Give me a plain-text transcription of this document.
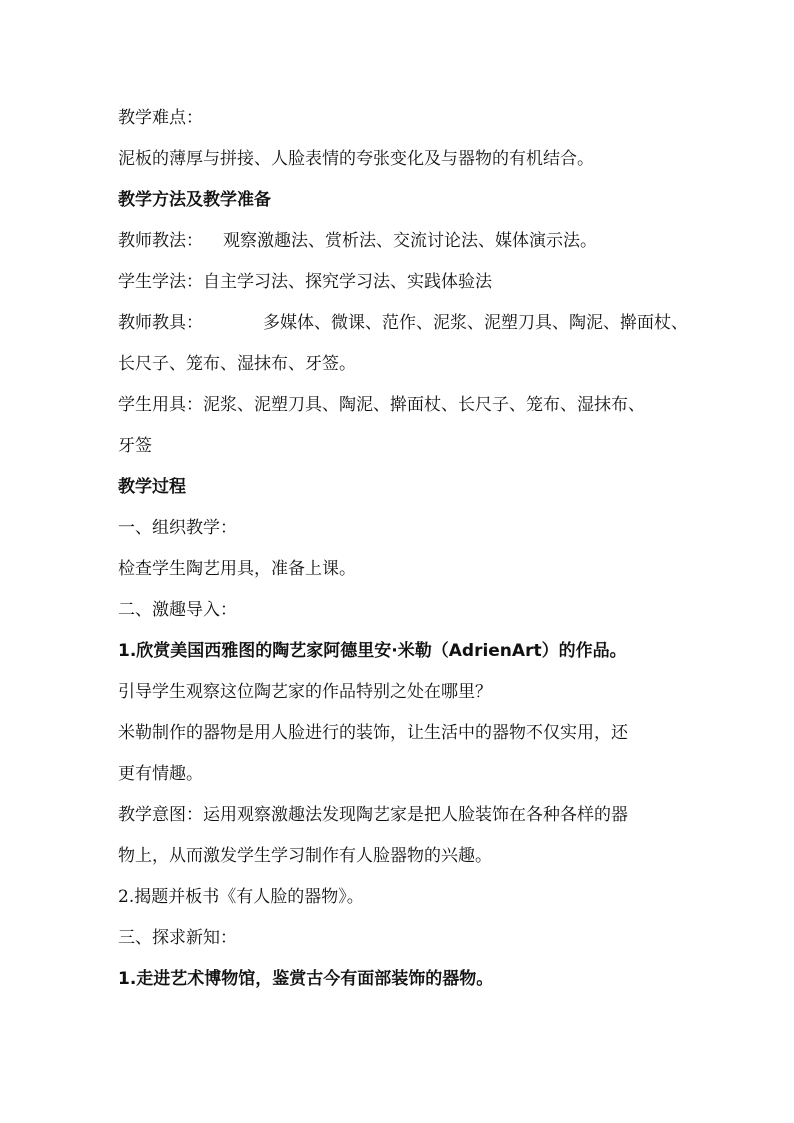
教学难点：
泥板的薄厚与拼接、人脸表情的夸张变化及与器物的有机结合。
教学方法及教学准备
教师教法： 观察激趣法、赏析法、交流讨论法、媒体演示法。
学生学法：自主学习法、探究学习法、实践体验法
教师教具：	多媒体、微课、范作、泥浆、泥塑刀具、陶泥、擀面杖、
长尺子、笼布、湿抹布、牙签。
学生用具：泥浆、泥塑刀具、陶泥、擀面杖、长尺子、笼布、湿抹布、
牙签
教学过程
一、组织教学：
检查学生陶艺用具，准备上课。
二、激趣导入：
1.欣赏美国西雅图的陶艺家阿德里安·米勒（AdrienArt）的作品。
引导学生观察这位陶艺家的作品特别之处在哪里？
米勒制作的器物是用人脸进行的装饰，让生活中的器物不仅实用，还
更有情趣。
教学意图：运用观察激趣法发现陶艺家是把人脸装饰在各种各样的器
物上，从而激发学生学习制作有人脸器物的兴趣。
2.揭题并板书《有人脸的器物》。
三、探求新知：
1.走进艺术博物馆，鉴赏古今有面部装饰的器物。
